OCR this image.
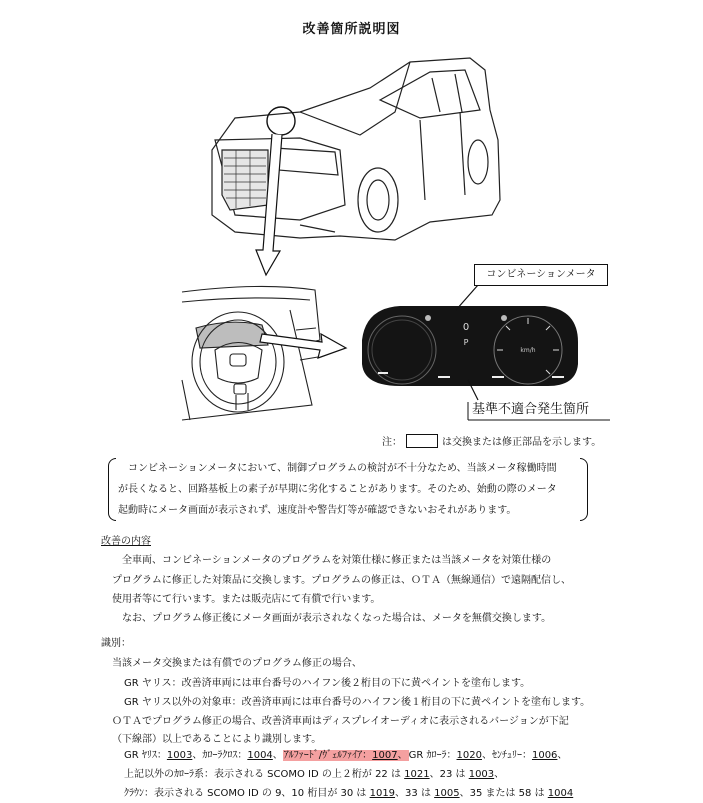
改善箇所説明図
km/h
0
P
コンビネーションメータ
基準不適合発生箇所
注：	は交換または修正部品を示します。

　コンビネーションメータにおいて、制御プログラムの検討が不十分なため、当該メータ稼働時間

が長くなると、回路基板上の素子が早期に劣化することがあります。そのため、始動の際のメータ

起動時にメータ画面が表示されず、速度計や警告灯等が確認できないおそれがあります。

改善の内容
　全車両、コンビネーションメータのプログラムを対策仕様に修正または当該メータを対策仕様の
プログラムに修正した対策品に交換します。プログラムの修正は、ＯＴＡ（無線通信）で遠隔配信し、
使用者等にて行います。または販売店にて有償で行います。
　なお、プログラム修正後にメータ画面が表示されなくなった場合は、メータを無償交換します。
識別：
当該メータ交換または有償でのプログラム修正の場合、
GR ヤリス：改善済車両には車台番号のハイフン後２桁目の下に黄ペイントを塗布します。
GR ヤリス以外の対象車：改善済車両には車台番号のハイフン後１桁目の下に黄ペイントを塗布します。
ＯＴＡでプログラム修正の場合、改善済車両はディスプレイオーディオに表示されるバージョンが下記
（下線部）以上であることにより識別します。
GR ﾔﾘｽ：1003、ｶﾛｰﾗｸﾛｽ：1004、ｱﾙﾌｧｰﾄﾞ/ｳﾞｪﾙﾌｧｲｱ：1007、GR ｶﾛｰﾗ：1020、ｾﾝﾁｭﾘｰ：1006、
上記以外のｶﾛｰﾗ系：表示される SCOMO ID の上２桁が 22 は 1021、23 は 1003、
ｸﾗｳﾝ：表示される SCOMO ID の 9、10 桁目が 30 は 1019、33 は 1005、35 または 58 は 1004
